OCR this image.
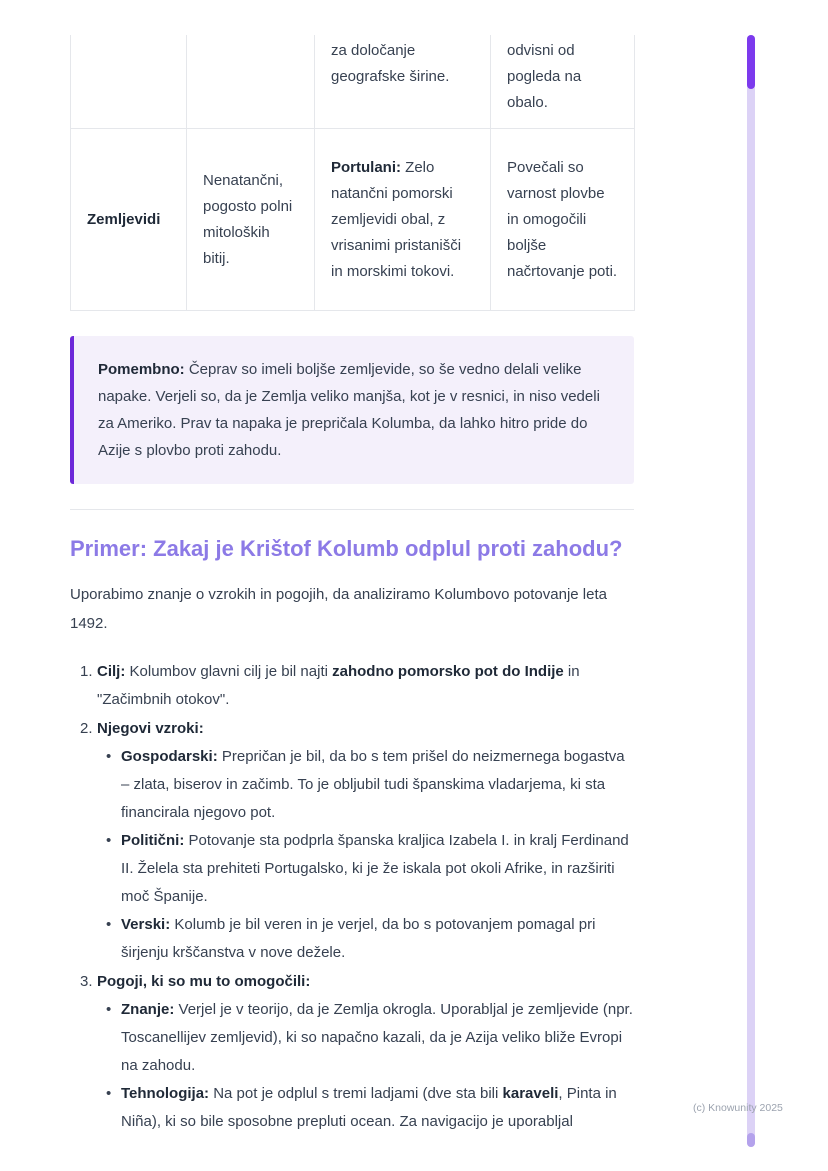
		za določanje geografske širine.	odvisni od pogleda na obalo.
Zemljevidi	Nenatančni, pogosto polni mitoloških bitij.	Portulani: Zelo natančni pomorski zemljevidi obal, z vrisanimi pristanišči in morskimi tokovi.	Povečali so varnost plovbe in omogočili boljše načrtovanje poti.
Pomembno: Čeprav so imeli boljše zemljevide, so še vedno delali velike napake. Verjeli so, da je Zemlja veliko manjša, kot je v resnici, in niso vedeli za Ameriko. Prav ta napaka je prepričala Kolumba, da lahko hitro pride do Azije s plovbo proti zahodu.
Primer: Zakaj je Krištof Kolumb odplul proti zahodu?

Uporabimo znanje o vzrokih in pogojih, da analiziramo Kolumbovo potovanje leta 1492.

1. Cilj: Kolumbov glavni cilj je bil najti zahodno pomorsko pot do Indije in "Začimbnih otokov".
2. Njegovi vzroki:
• Gospodarski: Prepričan je bil, da bo s tem prišel do neizmernega bogastva – zlata, biserov in začimb. To je obljubil tudi španskima vladarjema, ki sta financirala njegovo pot.
• Politični: Potovanje sta podprla španska kraljica Izabela I. in kralj Ferdinand II. Želela sta prehiteti Portugalsko, ki je že iskala pot okoli Afrike, in razširiti moč Španije.
• Verski: Kolumb je bil veren in je verjel, da bo s potovanjem pomagal pri širjenju krščanstva v nove dežele.
3. Pogoji, ki so mu to omogočili:
• Znanje: Verjel je v teorijo, da je Zemlja okrogla. Uporabljal je zemljevide (npr. Toscanellijev zemljevid), ki so napačno kazali, da je Azija veliko bliže Evropi na zahodu.
• Tehnologija: Na pot je odplul s tremi ladjami (dve sta bili karaveli, Pinta in Niña), ki so bile sposobne prepluti ocean. Za navigacijo je uporabljal
(c) Knowunity 2025
